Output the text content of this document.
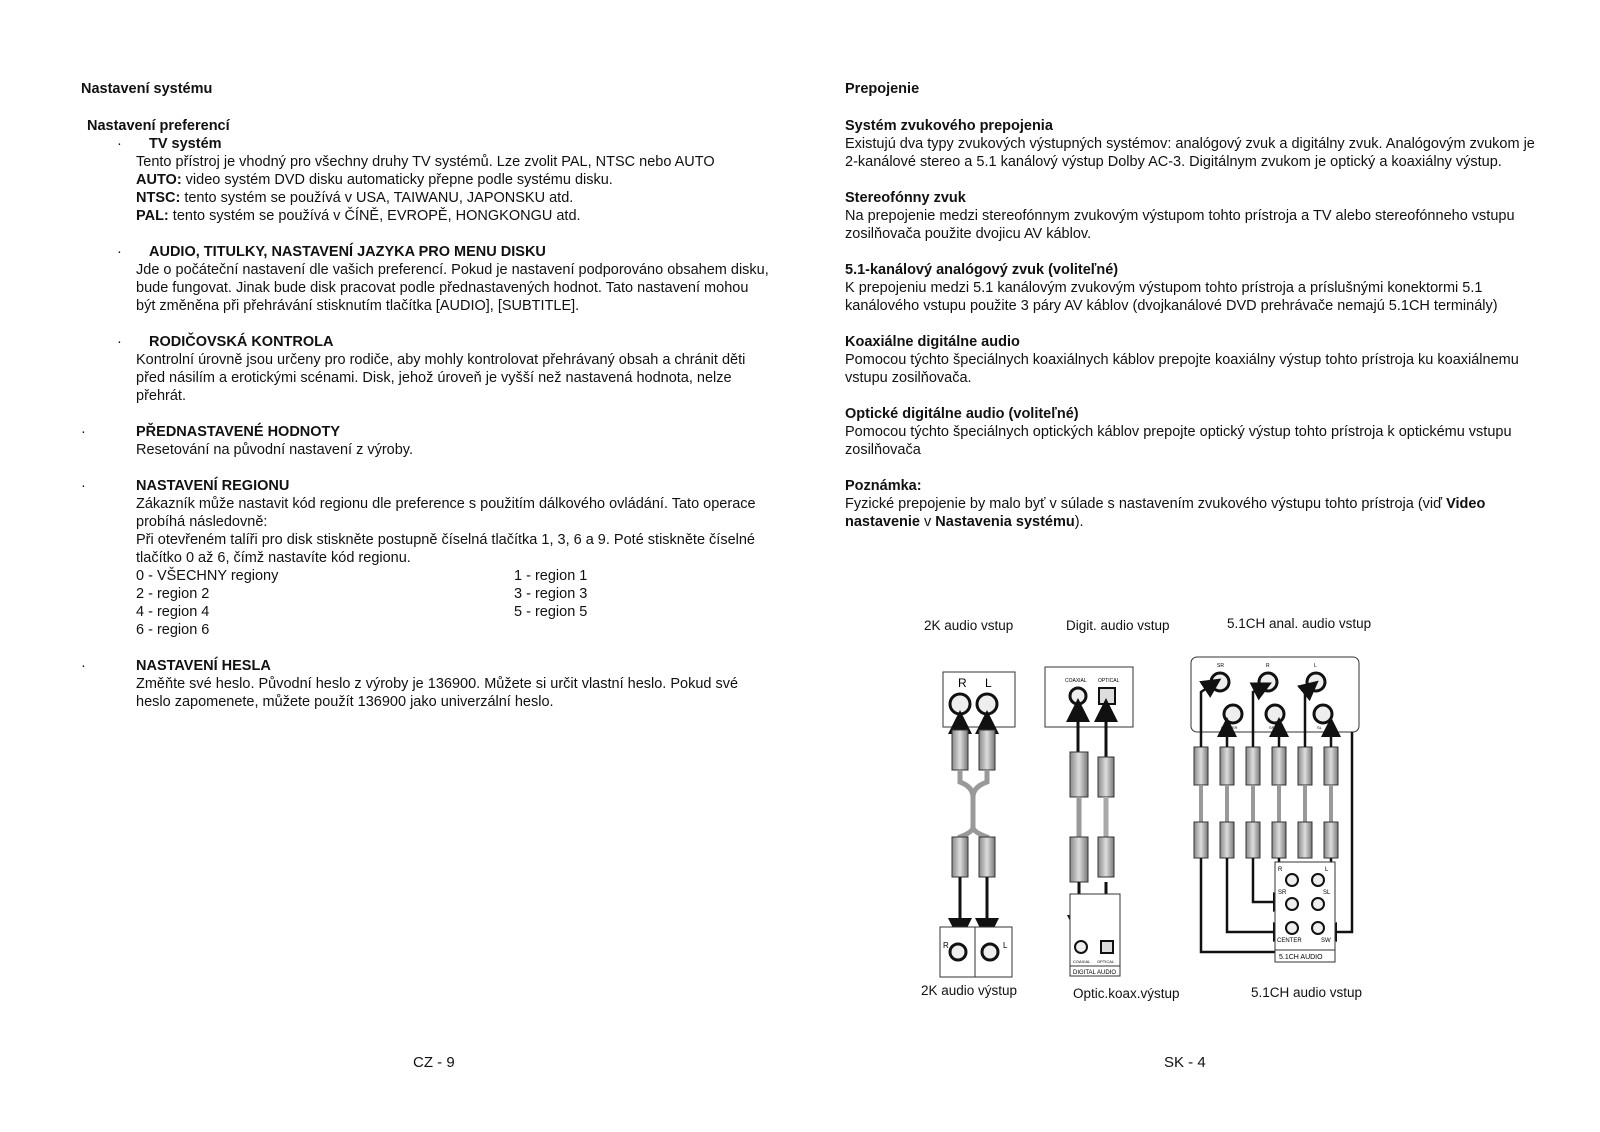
Nastavení systému
Nastavení preferencí
·	TV systém
Tento přístroj je vhodný pro všechny druhy TV systémů. Lze zvolit PAL, NTSC nebo AUTO
AUTO: video systém DVD disku automaticky přepne podle systému disku.
NTSC: tento systém se používá v USA, TAIWANU, JAPONSKU atd.
PAL: tento systém se používá v ČÍNĚ, EVROPĚ, HONGKONGU atd.
·	AUDIO, TITULKY, NASTAVENÍ JAZYKA PRO MENU DISKU
Jde o počáteční nastavení dle vašich preferencí. Pokud je nastavení podporováno obsahem disku, bude fungovat. Jinak bude disk pracovat podle přednastavených hodnot. Tato nastavení mohou být změněna při přehrávání stisknutím tlačítka [AUDIO], [SUBTITLE].
·	RODIČOVSKÁ KONTROLA
Kontrolní úrovně jsou určeny pro rodiče, aby mohly kontrolovat přehrávaný obsah a chránit děti před násilím a erotickými scénami. Disk, jehož úroveň je vyšší než nastavená hodnota, nelze přehrát.
·	PŘEDNASTAVENÉ HODNOTY
Resetování na původní nastavení z výroby.
·	NASTAVENÍ REGIONU
Zákazník může nastavit kód regionu dle preference s použitím dálkového ovládání. Tato operace probíhá následovně:
Při otevřeném talíři pro disk stiskněte postupně číselná tlačítka 1, 3, 6 a 9. Poté stiskněte číselné tlačítko 0 až 6, čímž nastavíte kód regionu.
0 - VŠECHNY regiony	1 - region 1
2 - region 2	3 - region 3
4 - region 4	5 - region 5
6 - region 6
·	NASTAVENÍ HESLA
Změňte své heslo. Původní heslo z výroby je 136900. Můžete si určit vlastní heslo. Pokud své heslo zapomenete, můžete použít 136900 jako univerzální heslo.
CZ - 9
Prepojenie
Systém zvukového prepojenia

Existujú dva typy zvukových výstupných systémov: analógový zvuk a digitálny zvuk. Analógovým zvukom je 2-kanálové stereo a 5.1 kanálový výstup Dolby AC-3. Digitálnym zvukom je optický a koaxiálny výstup.

Stereofónny zvuk

Na prepojenie medzi stereofónnym zvukovým výstupom tohto prístroja a TV alebo stereofónneho vstupu zosilňovača použite dvojicu AV káblov.

5.1-kanálový analógový zvuk (voliteľné)

K prepojeniu medzi 5.1 kanálovým zvukovým výstupom tohto prístroja a príslušnými konektormi 5.1 kanálového vstupu použite 3 páry AV káblov (dvojkanálové DVD prehrávače nemajú 5.1CH terminály)

Koaxiálne digitálne audio

Pomocou týchto špeciálnych koaxiálnych káblov prepojte koaxiálny výstup tohto prístroja ku koaxiálnemu vstupu zosilňovača.

Optické digitálne audio (voliteľné)

Pomocou týchto špeciálnych optických káblov prepojte optický výstup tohto prístroja k optickému vstupu zosilňovača

Poznámka:

Fyzické prepojenie by malo byť v súlade s nastavením zvukového výstupu tohto prístroja (viď Video nastavenie v Nastavenia systému).

2K audio vstup	Digit. audio vstup	5.1CH anal. audio vstup
2K audio výstup	Optic.koax.výstup	5.1CH audio vstup
R L
R	L
COAXIAL OPTICAL
COAXIAL OPTICAL
DIGITAL AUDIO
SR	R	L
CENTER	SR	SL
R	L
SR	SL
CENTER	SW
5.1CH AUDIO
SK - 4
